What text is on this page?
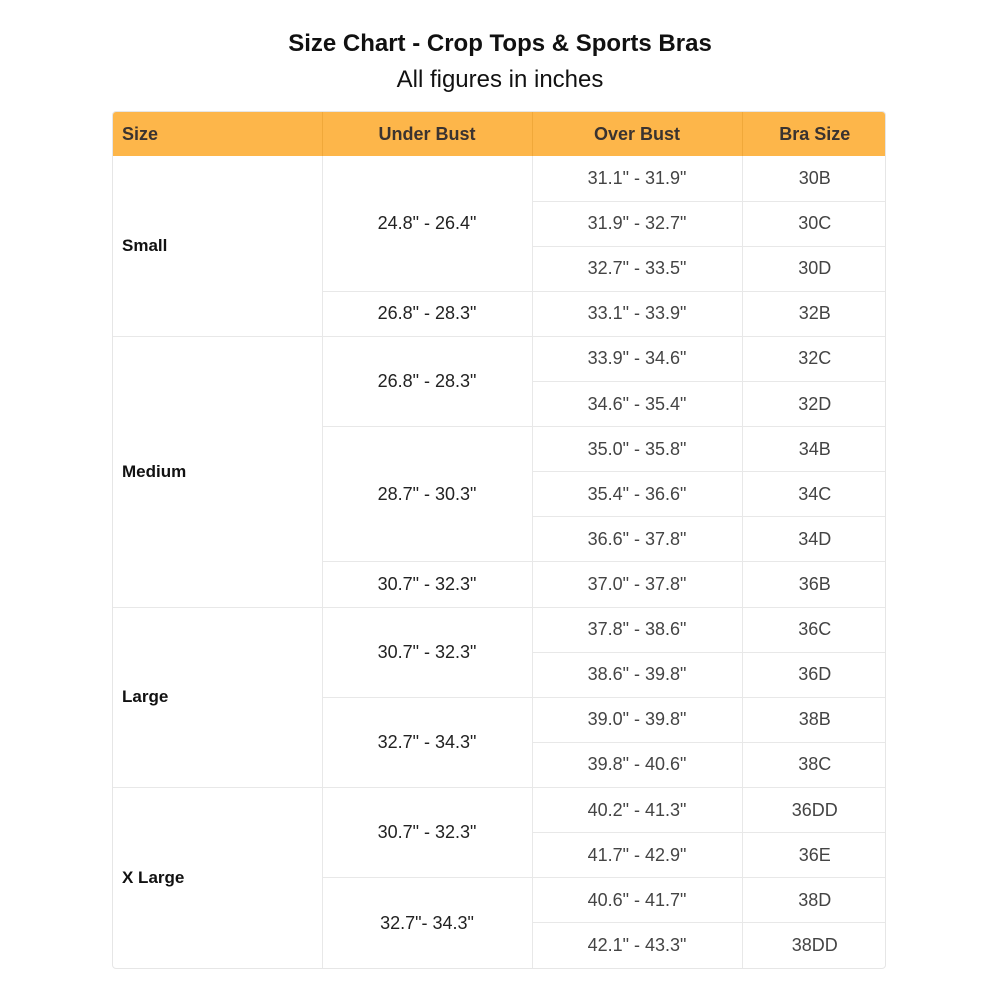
Size Chart - Crop Tops & Sports Bras
All figures in inches
Size	Under Bust	Over Bust	Bra Size
Small	24.8" - 26.4"	31.1" - 31.9"	30B
		31.9" - 32.7"	30C
		32.7" - 33.5"	30D
	26.8" - 28.3"	33.1" - 33.9"	32B
Medium	26.8" - 28.3"	33.9" - 34.6"	32C
		34.6" - 35.4"	32D
	28.7" - 30.3"	35.0" - 35.8"	34B
		35.4" - 36.6"	34C
		36.6" - 37.8"	34D
	30.7" - 32.3"	37.0" - 37.8"	36B
Large	30.7" - 32.3"	37.8" - 38.6"	36C
		38.6" - 39.8"	36D
	32.7" - 34.3"	39.0" - 39.8"	38B
		39.8" - 40.6"	38C
X Large	30.7" - 32.3"	40.2" - 41.3"	36DD
		41.7" - 42.9"	36E
	32.7"- 34.3"	40.6" - 41.7"	38D
		42.1" - 43.3"	38DD
